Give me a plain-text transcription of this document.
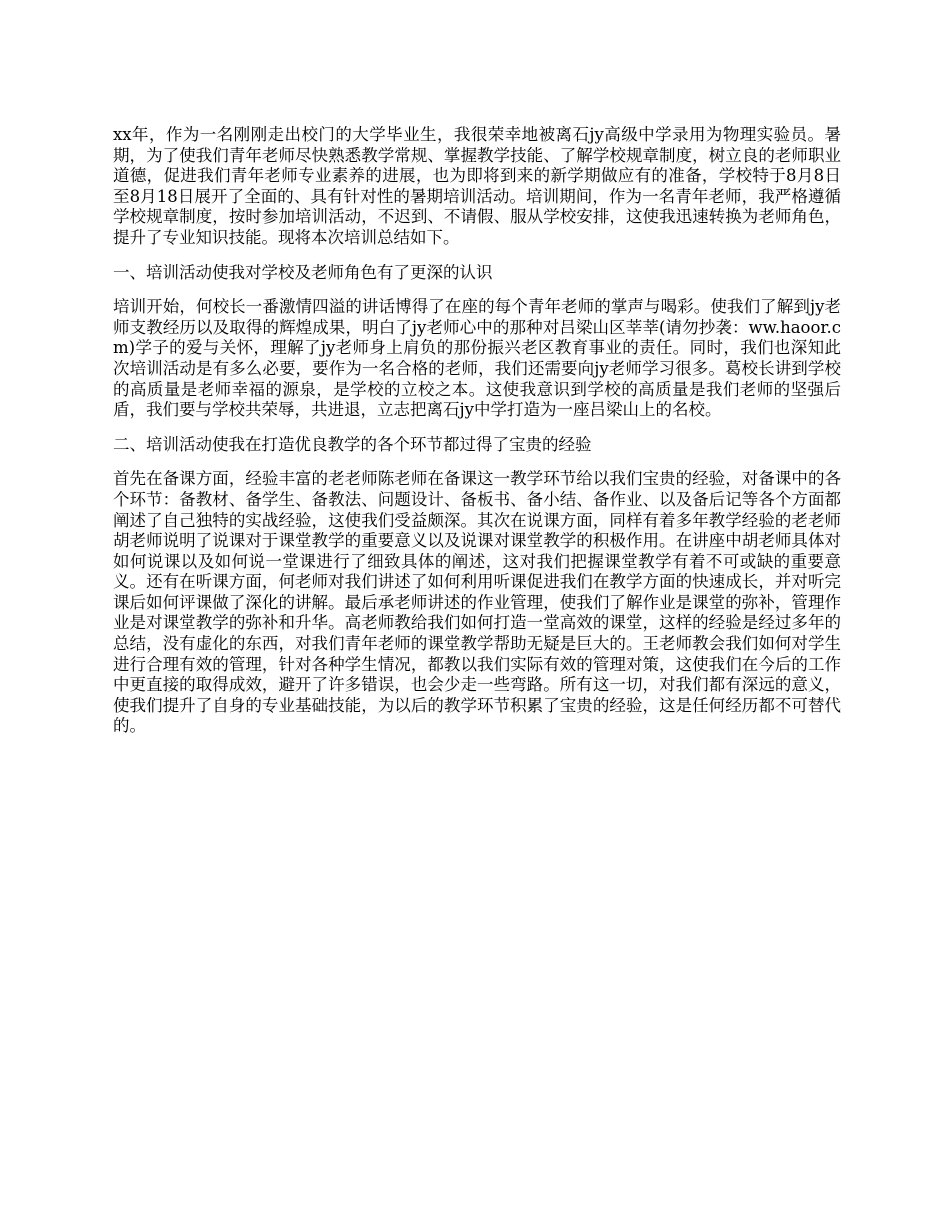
xx年，作为一名刚刚走出校门的大学毕业生，我很荣幸地被离石jy高级中学录用为物理实验员。暑期，为了使我们青年老师尽快熟悉教学常规、掌握教学技能、了解学校规章制度，树立良的老师职业道德，促进我们青年老师专业素养的进展，也为即将到来的新学期做应有的准备，学校特于8月8日至8月18日展开了全面的、具有针对性的暑期培训活动。培训期间，作为一名青年老师，我严格遵循学校规章制度，按时参加培训活动，不迟到、不请假、服从学校安排，这使我迅速转换为老师角色，提升了专业知识技能。现将本次培训总结如下。

一、培训活动使我对学校及老师角色有了更深的认识

培训开始，何校长一番激情四溢的讲话博得了在座的每个青年老师的掌声与喝彩。使我们了解到jy老师支教经历以及取得的辉煌成果，明白了jy老师心中的那种对吕梁山区莘莘(请勿抄袭：ww.haoor.cm)学子的爱与关怀，理解了jy老师身上肩负的那份振兴老区教育事业的责任。同时，我们也深知此次培训活动是有多么必要，要作为一名合格的老师，我们还需要向jy老师学习很多。葛校长讲到学校的高质量是老师幸福的源泉，是学校的立校之本。这使我意识到学校的高质量是我们老师的坚强后盾，我们要与学校共荣辱，共进退，立志把离石jy中学打造为一座吕梁山上的名校。

二、培训活动使我在打造优良教学的各个环节都过得了宝贵的经验

首先在备课方面，经验丰富的老老师陈老师在备课这一教学环节给以我们宝贵的经验，对备课中的各个环节：备教材、备学生、备教法、问题设计、备板书、备小结、备作业、以及备后记等各个方面都阐述了自己独特的实战经验，这使我们受益颇深。其次在说课方面，同样有着多年教学经验的老老师胡老师说明了说课对于课堂教学的重要意义以及说课对课堂教学的积极作用。在讲座中胡老师具体对如何说课以及如何说一堂课进行了细致具体的阐述，这对我们把握课堂教学有着不可或缺的重要意义。还有在听课方面，何老师对我们讲述了如何利用听课促进我们在教学方面的快速成长，并对听完课后如何评课做了深化的讲解。最后承老师讲述的作业管理，使我们了解作业是课堂的弥补，管理作业是对课堂教学的弥补和升华。高老师教给我们如何打造一堂高效的课堂，这样的经验是经过多年的总结，没有虚化的东西，对我们青年老师的课堂教学帮助无疑是巨大的。王老师教会我们如何对学生进行合理有效的管理，针对各种学生情况，都教以我们实际有效的管理对策，这使我们在今后的工作中更直接的取得成效，避开了许多错误，也会少走一些弯路。所有这一切，对我们都有深远的意义，使我们提升了自身的专业基础技能，为以后的教学环节积累了宝贵的经验，这是任何经历都不可替代的。
